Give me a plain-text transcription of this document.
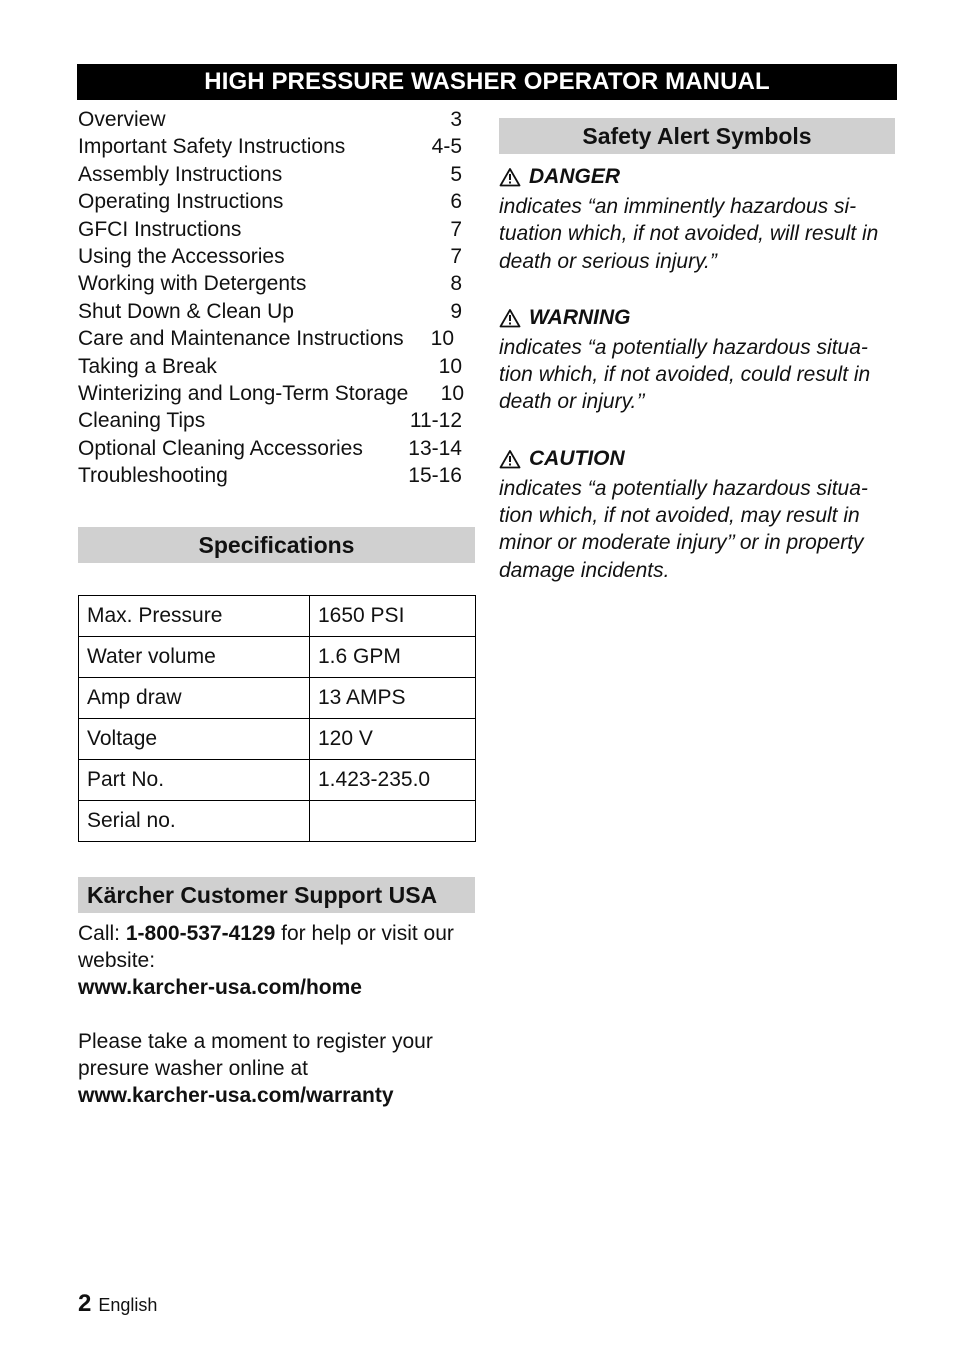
HIGH PRESSURE WASHER OPERATOR MANUAL
Overview	3
Important Safety Instructions	4-5
Assembly Instructions	5
Operating Instructions	6
GFCI Instructions	7
Using the Accessories	7
Working with Detergents	8
Shut Down & Clean Up	9
Care and Maintenance Instructions 10
Taking a Break	10
Winterizing and Long-Term Storage 10
Cleaning Tips	11-12
Optional Cleaning Accessories 13-14
Troubleshooting	15-16
Specifications
Max. Pressure	1650 PSI
Water volume	1.6 GPM
Amp draw	13 AMPS
Voltage	120 V
Part No.	1.423-235.0
Serial no.	
Kärcher Customer Support USA

Call: 1-800-537-4129 for help or visit our website:

www.karcher-usa.com/home

Please take a moment to register your presure washer online at

www.karcher-usa.com/warranty

Safety Alert Symbols
DANGER
indicates “an imminently hazardous si-tuation which, if not avoided, will result in death or serious injury.”
WARNING
indicates “a potentially hazardous situa-tion which, if not avoided, could result in death or injury.’’
CAUTION
indicates “a potentially hazardous situa-tion which, if not avoided, may result in minor or moderate injury’’ or in property damage incidents.
2 English
